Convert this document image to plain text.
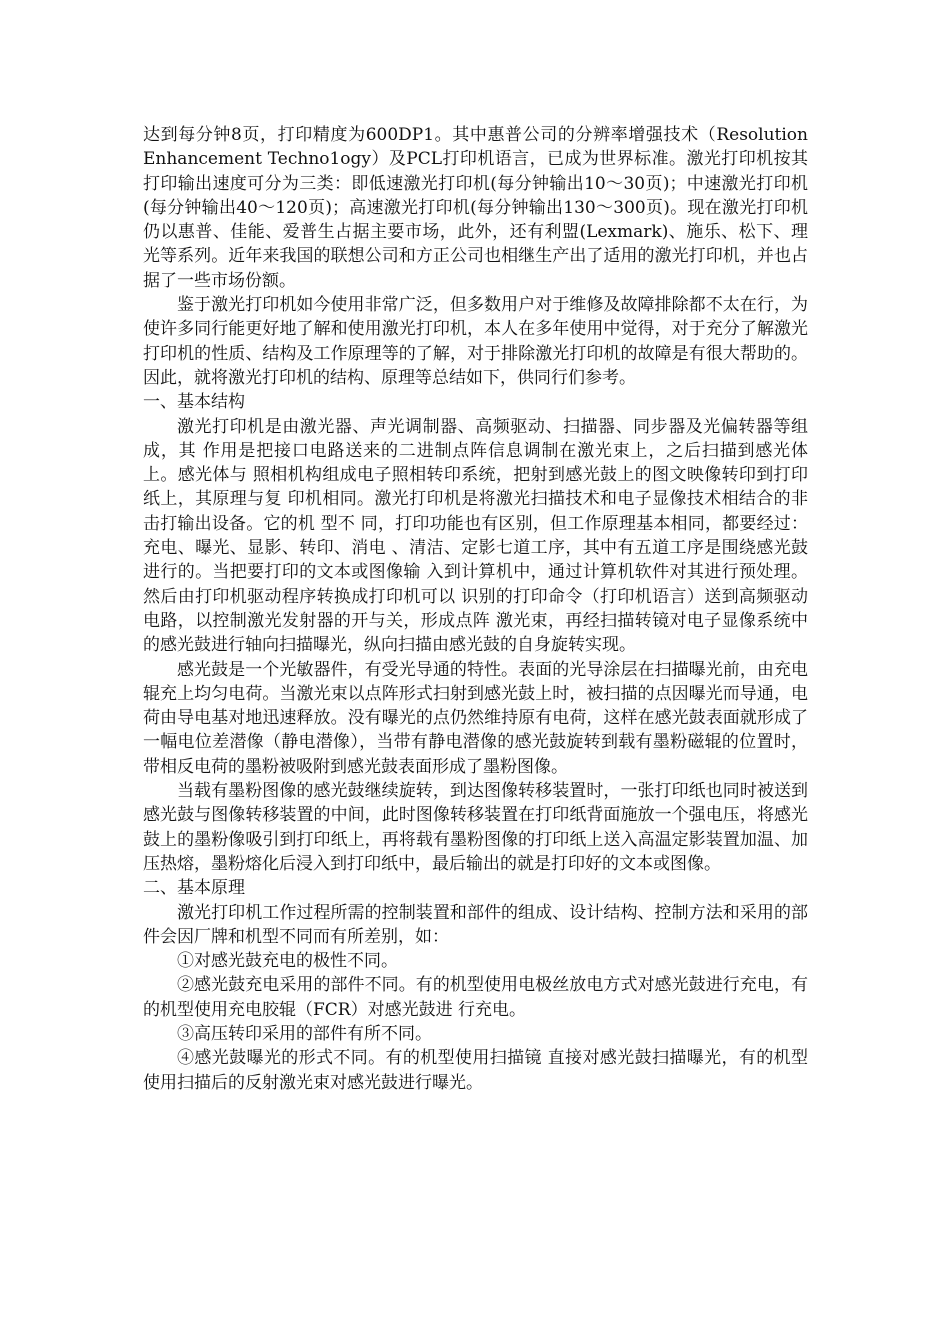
达到每分钟8页，打印精度为600DP1。其中惠普公司的分辨率增强技术（Resolution Enhancement Techno1ogy）及PCL打印机语言，已成为世界标准。激光打印机按其打印输出速度可分为三类：即低速激光打印机(每分钟输出10～30页)；中速激光打印机(每分钟输出40～120页)；高速激光打印机(每分钟输出130～300页)。现在激光打印机仍以惠普、佳能、爱普生占据主要市场，此外，还有利盟(Lexmark)、施乐、松下、理光等系列。近年来我国的联想公司和方正公司也相继生产出了适用的激光打印机，并也占据了一些市场份额。

鉴于激光打印机如今使用非常广泛，但多数用户对于维修及故障排除都不太在行，为使许多同行能更好地了解和使用激光打印机，本人在多年使用中觉得，对于充分了解激光打印机的性质、结构及工作原理等的了解，对于排除激光打印机的故障是有很大帮助的。因此，就将激光打印机的结构、原理等总结如下，供同行们参考。

一、基本结构

激光打印机是由激光器、声光调制器、高频驱动、扫描器、同步器及光偏转器等组成，其 作用是把接口电路送来的二进制点阵信息调制在激光束上，之后扫描到感光体上。感光体与 照相机构组成电子照相转印系统，把射到感光鼓上的图文映像转印到打印纸上，其原理与复 印机相同。激光打印机是将激光扫描技术和电子显像技术相结合的非击打输出设备。它的机 型不 同，打印功能也有区别，但工作原理基本相同，都要经过：充电、曝光、显影、转印、消电 、清洁、定影七道工序，其中有五道工序是围绕感光鼓进行的。当把要打印的文本或图像输 入到计算机中，通过计算机软件对其进行预处理。然后由打印机驱动程序转换成打印机可以 识别的打印命令（打印机语言）送到高频驱动电路，以控制激光发射器的开与关，形成点阵 激光束，再经扫描转镜对电子显像系统中的感光鼓进行轴向扫描曝光，纵向扫描由感光鼓的自身旋转实现。

感光鼓是一个光敏器件，有受光导通的特性。表面的光导涂层在扫描曝光前，由充电辊充上均匀电荷。当激光束以点阵形式扫射到感光鼓上时，被扫描的点因曝光而导通，电荷由导电基对地迅速释放。没有曝光的点仍然维持原有电荷，这样在感光鼓表面就形成了一幅电位差潜像（静电潜像），当带有静电潜像的感光鼓旋转到载有墨粉磁辊的位置时，带相反电荷的墨粉被吸附到感光鼓表面形成了墨粉图像。

当载有墨粉图像的感光鼓继续旋转，到达图像转移装置时，一张打印纸也同时被送到感光鼓与图像转移装置的中间，此时图像转移装置在打印纸背面施放一个强电压，将感光鼓上的墨粉像吸引到打印纸上，再将载有墨粉图像的打印纸上送入高温定影装置加温、加压热熔，墨粉熔化后浸入到打印纸中，最后输出的就是打印好的文本或图像。

二、基本原理

激光打印机工作过程所需的控制装置和部件的组成、设计结构、控制方法和采用的部件会因厂牌和机型不同而有所差别，如：

①对感光鼓充电的极性不同。

②感光鼓充电采用的部件不同。有的机型使用电极丝放电方式对感光鼓进行充电，有的机型使用充电胶辊（FCR）对感光鼓进 行充电。

③高压转印采用的部件有所不同。

④感光鼓曝光的形式不同。有的机型使用扫描镜 直接对感光鼓扫描曝光，有的机型使用扫描后的反射激光束对感光鼓进行曝光。
